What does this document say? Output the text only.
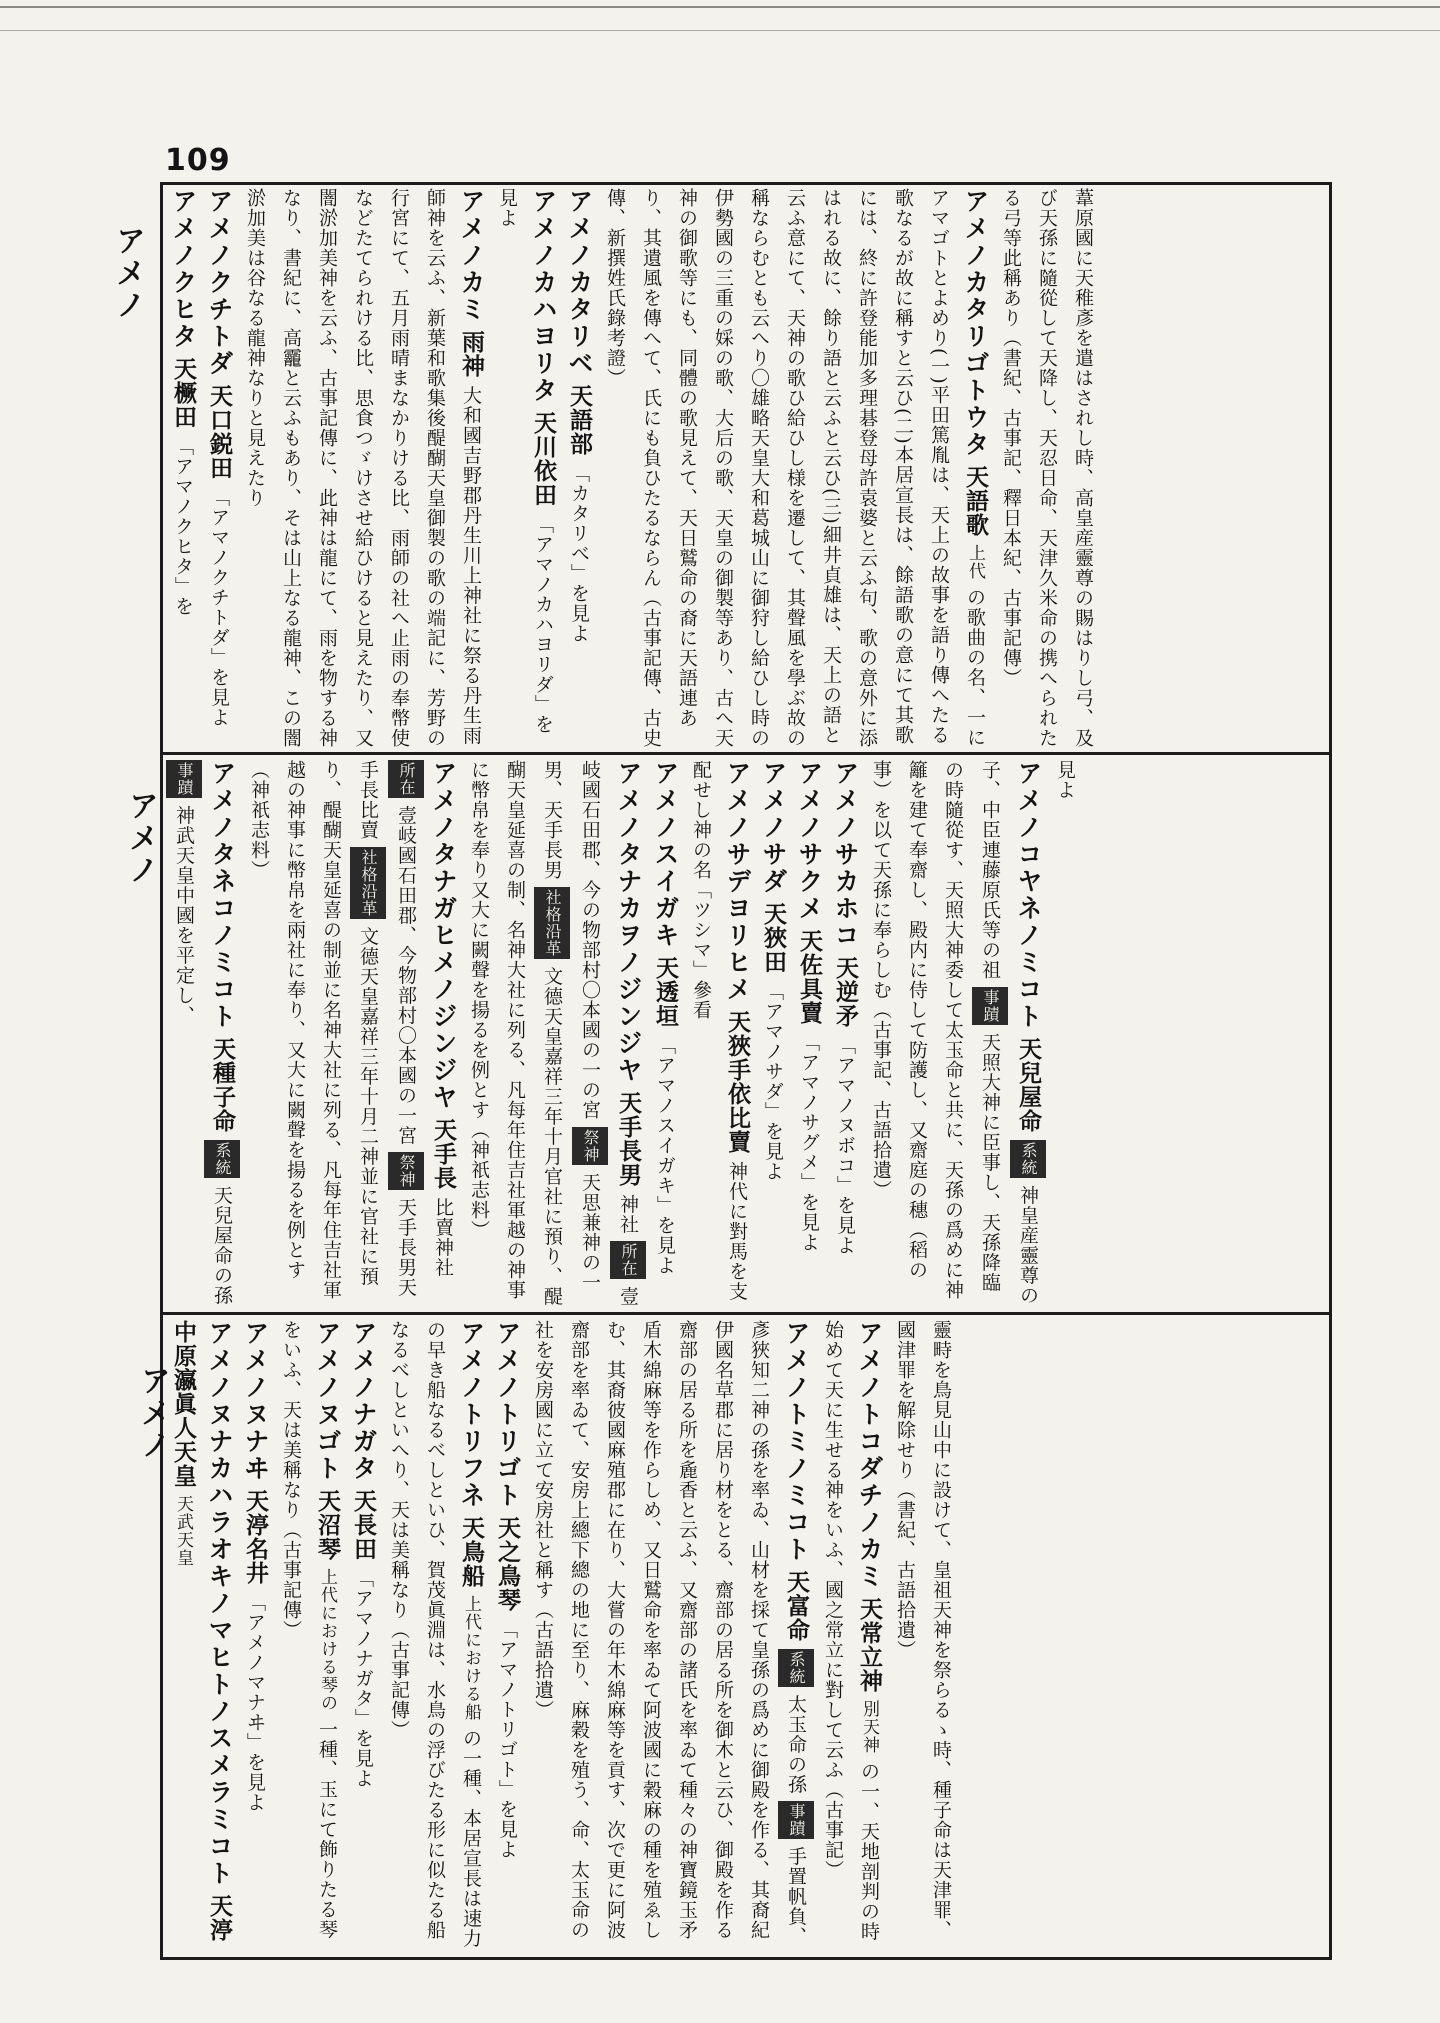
109
アメノ
アメノ
アメノ
葦原國に天稚彥を遣はされし時、高皇産靈尊の賜はりし弓、及び天孫に隨從して天降し、天忍日命、天津久米命の携へられたる弓等此稱あり（書紀、古事記、釋日本紀、古事記傳）
アメノカタリゴトウタ 天語歌 上代 の歌曲の名、一にアマゴトとよめり(一)平田篤胤は、天上の故事を語り傳へたる歌なるが故に稱すと云ひ(二)本居宣長は、餘語歌の意にて其歌には、終に許登能加多理碁登母許袁婆と云ふ句、歌の意外に添はれる故に、餘り語と云ふと云ひ(三)細井貞雄は、天上の語と云ふ意にて、天神の歌ひ給ひし様を遷して、其聲風を學ぶ故の稱ならむとも云へり〇雄略天皇大和葛城山に御狩し給ひし時の伊勢國の三重の婇の歌、大后の歌、天皇の御製等あり、古へ天神の御歌等にも、同體の歌見えて、天日鷲命の裔に天語連あり、其遺風を傳へて、氏にも負ひたるならん（古事記傳、古史傳、新撰姓氏錄考證）
アメノカタリベ 天語部 「カタリべ」を見よ
アメノカハヨリタ 天川依田 「アマノカハヨリダ」を見よ
アメノカミ 雨神 大和國吉野郡丹生川上神社に祭る丹生雨師神を云ふ、新葉和歌集後醍醐天皇御製の歌の端記に、芳野の行宮にて、五月雨晴まなかりける比、雨師の社へ止雨の奉幣使などたてられける比、思食つゞけさせ給ひけると見えたり、又闇淤加美神を云ふ、古事記傳に、此神は龍にて、雨を物する神なり、書紀に、高龗と云ふもあり、そは山上なる龍神、この闇淤加美は谷なる龍神なりと見えたり
アメノクチトダ 天口鋭田 「アマノクチトダ」を見よ
アメノクヒタ 天橛田 「アマノクヒタ」を
見よ
アメノコヤネノミコト 天兒屋命 系統 神皇産靈尊の子、中臣連藤原氏等の祖 事蹟 天照大神に臣事し、天孫降臨の時隨從す、天照大神委して太玉命と共に、天孫の爲めに神籬を建て奉齋し、殿内に侍して防護し、又齋庭の穗（稻の事）を以て天孫に奉らしむ（古事記、古語拾遺）
アメノサカホコ 天逆矛 「アマノヌボコ」を見よ
アメノサクメ 天佐具賣 「アマノサグメ」を見よ
アメノサダ 天狹田 「アマノサダ」を見よ
アメノサデヨリヒメ 天狹手依比賣 神代に對馬を支配せし神の名「ツシマ」參看
アメノスイガキ 天透垣 「アマノスイガキ」を見よ
アメノタナカヲノジンジヤ 天手長男 神社 所在 壹岐國石田郡、今の物部村〇本國の一の宮 祭神 天思兼神の一男、天手長男 社格沿革 文德天皇嘉祥三年十月官社に預り、醍醐天皇延喜の制、名神大社に列る、凡每年住吉社軍越の神事に幣帛を奉り又大に闕聲を揚るを例とす（神祇志料）
アメノタナガヒメノジンジヤ 天手長 比賣神社 所在 壹岐國石田郡、今物部村〇本國の一宮 祭神 天手長男天手長比賣 社格沿革 文德天皇嘉祥三年十月二神並に官社に預り、醍醐天皇延喜の制並に名神大社に列る、凡每年住吉社軍越の神事に幣帛を兩社に奉り、又大に闕聲を揚るを例とす（神祇志料）
アメノタネコノミコト 天種子命 系統 天兒屋命の孫 事蹟 神武天皇中國を平定し、
靈畤を鳥見山中に設けて、皇祖天神を祭らるゝ時、種子命は天津罪、國津罪を解除せり（書紀、古語拾遺）
アメノトコダチノカミ 天常立神 別天神 の一、天地剖判の時始めて天に生せる神をいふ、國之常立に對して云ふ（古事記）
アメノトミノミコト 天富命 系統 太玉命の孫 事蹟 手置帆負、彥狹知二神の孫を率ゐ、山材を採て皇孫の爲めに御殿を作る、其裔紀伊國名草郡に居り材をとる、齋部の居る所を御木と云ひ、御殿を作る齋部の居る所を麁香と云ふ、又齋部の諸氏を率ゐて種々の神寶鏡玉矛盾木綿麻等を作らしめ、又日鷲命を率ゐて阿波國に穀麻の種を殖ゑしむ、其裔彼國麻殖郡に在り、大嘗の年木綿麻等を貢す、次で更に阿波齋部を率ゐて、安房上總下總の地に至り、麻穀を殖う、命、太玉命の社を安房國に立て安房社と稱す（古語拾遺）
アメノトリゴト 天之鳥琴 「アマノトリゴト」を見よ
アメノトリフネ 天鳥船 上代における船 の一種、本居宣長は速力の早き船なるべしといひ、賀茂眞淵は、水鳥の浮びたる形に似たる船なるべしといへり、天は美稱なり（古事記傳）
アメノナガタ 天長田 「アマノナガタ」を見よ
アメノヌゴト 天沼琴 上代における琴の 一種、玉にて飾りたる琴をいふ、天は美稱なり（古事記傳）
アメノヌナヰ 天渟名井 「アメノマナヰ」を見よ
アメノヌナカハラオキノマヒトノスメラミコト 天渟中原瀛眞人天皇 天武天皇
